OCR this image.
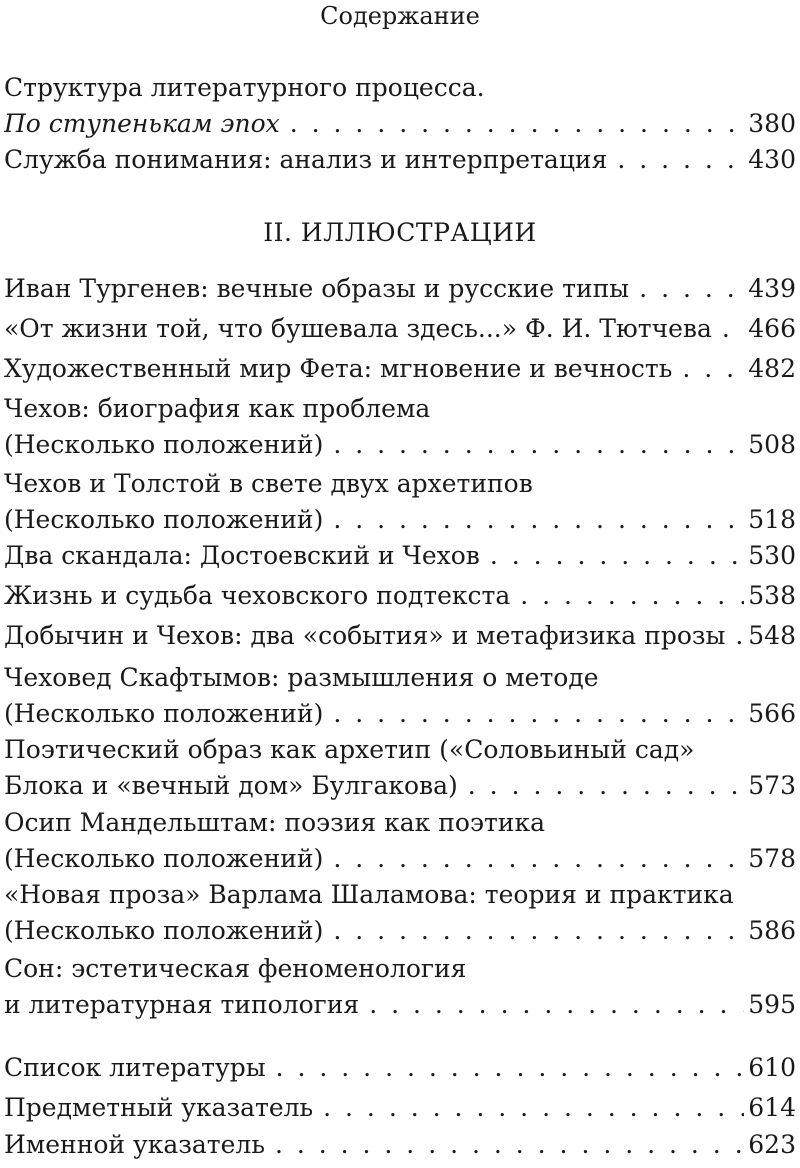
Содержание
Структура литературного процесса.
По ступенькам эпох . . .	380
Служба понимания: анализ и интерпретация . . .	430
II. ИЛЛЮСТРАЦИИ
Иван Тургенев: вечные образы и русские типы . . .	439
«От жизни той, что бушевала здесь...» Ф. И. Тютчева . . . 466
Художественный мир Фета: мгновение и вечность . . .	482
Чехов: биография как проблема
(Несколько положений) . . .	508
Чехов и Толстой в свете двух архетипов
(Несколько положений) . . .	518
Два скандала: Достоевский и Чехов . . .	530
Жизнь и судьба чеховского подтекста . . .	538
Добычин и Чехов: два «события» и метафизика прозы . . . 548
Чеховед Скафтымов: размышления о методе
(Несколько положений) . . .	566
Поэтический образ как архетип («Соловьиный сад»
Блока и «вечный дом» Булгакова) . . .	573
Осип Мандельштам: поэзия как поэтика
(Несколько положений) . . .	578
«Новая проза» Варлама Шаламова: теория и практика
(Несколько положений) . . .	586
Сон: эстетическая феноменология
и литературная типология . . .	595
Список литературы . . .	610
Предметный указатель . . .	614
Именной указатель . . .	623
